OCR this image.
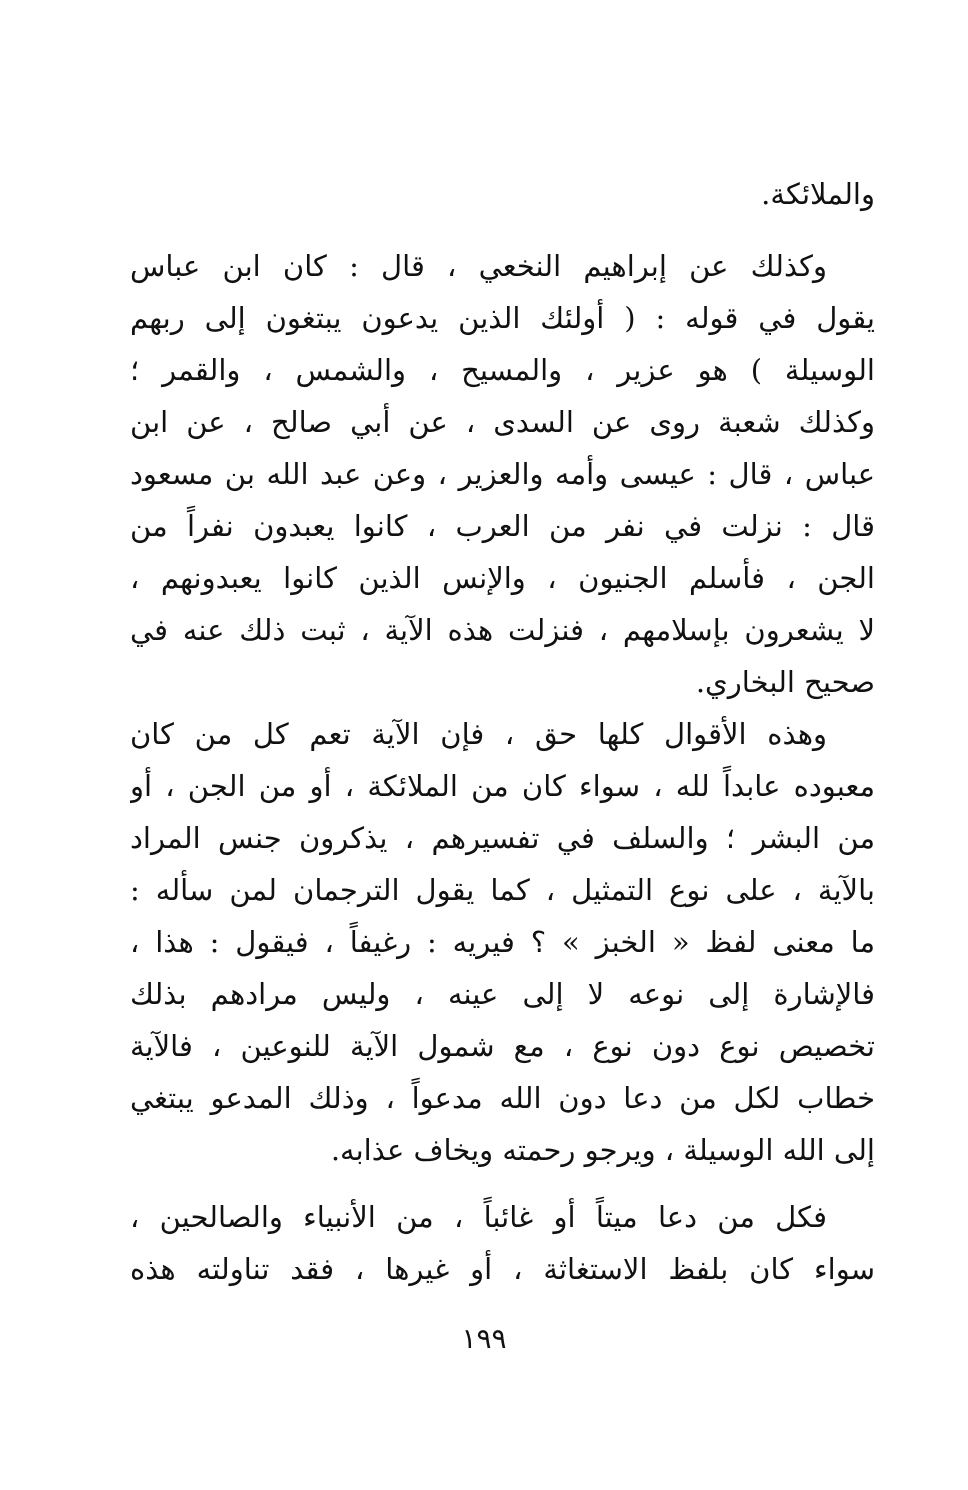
والملائكة.
وكذلك عن إبراهيم النخعي ، قال : كان ابن عباس
يقول في قوله : ( أولئك الذين يدعون يبتغون إلى ربهم
الوسيلة ) هو عزير ، والمسيح ، والشمس ، والقمر ؛
وكذلك شعبة روى عن السدى ، عن أبي صالح ، عن ابن
عباس ، قال : عيسى وأمه والعزير ، وعن عبد الله بن مسعود
قال : نزلت في نفر من العرب ، كانوا يعبدون نفراً من
الجن ، فأسلم الجنيون ، والإنس الذين كانوا يعبدونهم ،
لا يشعرون بإسلامهم ، فنزلت هذه الآية ، ثبت ذلك عنه في
صحيح البخاري.
وهذه الأقوال كلها حق ، فإن الآية تعم كل من كان
معبوده عابداً لله ، سواء كان من الملائكة ، أو من الجن ، أو
من البشر ؛ والسلف في تفسيرهم ، يذكرون جنس المراد
بالآية ، على نوع التمثيل ، كما يقول الترجمان لمن سأله :
ما معنى لفظ « الخبز » ؟ فيريه : رغيفاً ، فيقول : هذا ،
فالإشارة إلى نوعه لا إلى عينه ، وليس مرادهم بذلك
تخصيص نوع دون نوع ، مع شمول الآية للنوعين ، فالآية
خطاب لكل من دعا دون الله مدعواً ، وذلك المدعو يبتغي
إلى الله الوسيلة ، ويرجو رحمته ويخاف عذابه.
فكل من دعا ميتاً أو غائباً ، من الأنبياء والصالحين ،
سواء كان بلفظ الاستغاثة ، أو غيرها ، فقد تناولته هذه
١٩٩
